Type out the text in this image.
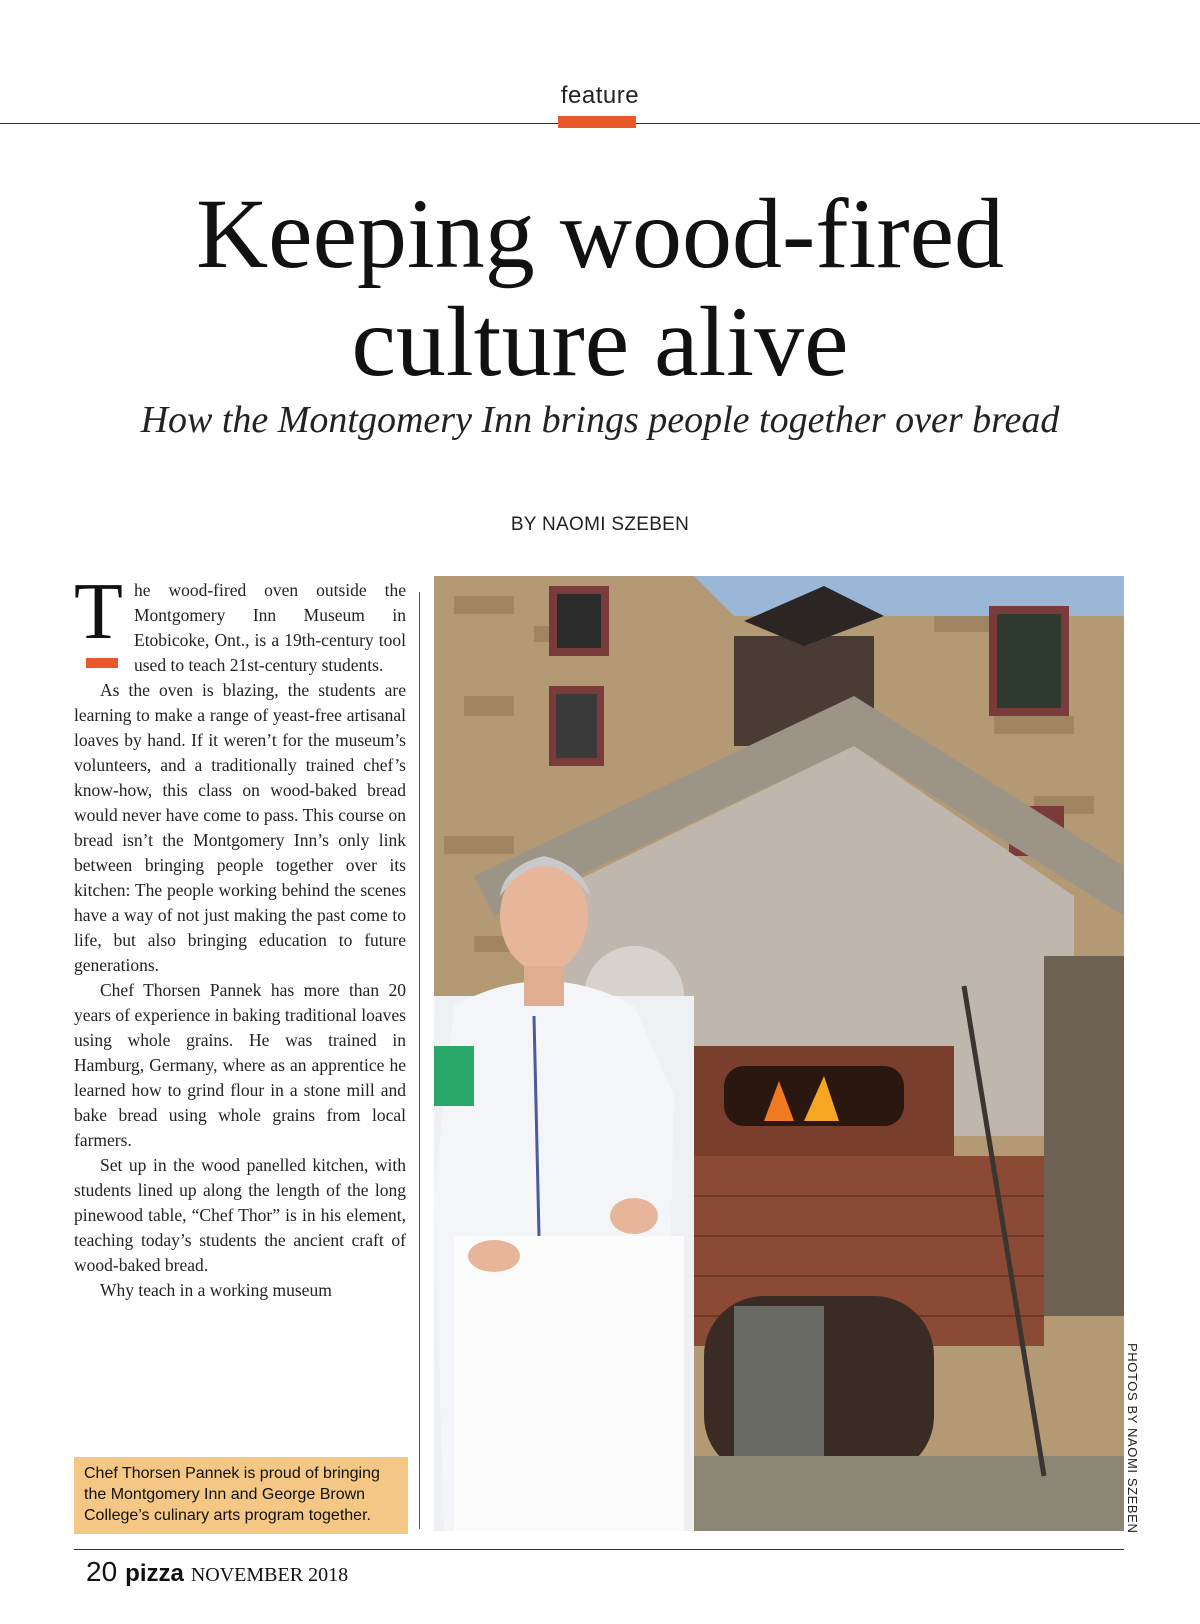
feature
Keeping wood-fired culture alive
How the Montgomery Inn brings people together over bread
BY NAOMI SZEBEN
T he wood-fired oven outside the Montgomery Inn Museum in Etobicoke, Ont., is a 19th-century tool used to teach 21st-century students.

As the oven is blazing, the students are learning to make a range of yeast-free artisanal loaves by hand. If it weren’t for the museum’s volunteers, and a traditionally trained chef’s know-how, this class on wood-baked bread would never have come to pass. This course on bread isn’t the Montgomery Inn’s only link between bringing people together over its kitchen: The people working behind the scenes have a way of not just making the past come to life, but also bringing education to future generations.

Chef Thorsen Pannek has more than 20 years of experience in baking traditional loaves using whole grains. He was trained in Hamburg, Germany, where as an apprentice he learned how to grind flour in a stone mill and bake bread using whole grains from local farmers.

Set up in the wood panelled kitchen, with students lined up along the length of the long pinewood table, “Chef Thor” is in his element, teaching today’s students the ancient craft of wood-baked bread.

Why teach in a working museum

Chef Thorsen Pannek is proud of bringing the Montgomery Inn and George Brown College’s culinary arts program together.	PHOTOS BY NAOMI SZEBEN
20 pizza NOVEMBER 2018
